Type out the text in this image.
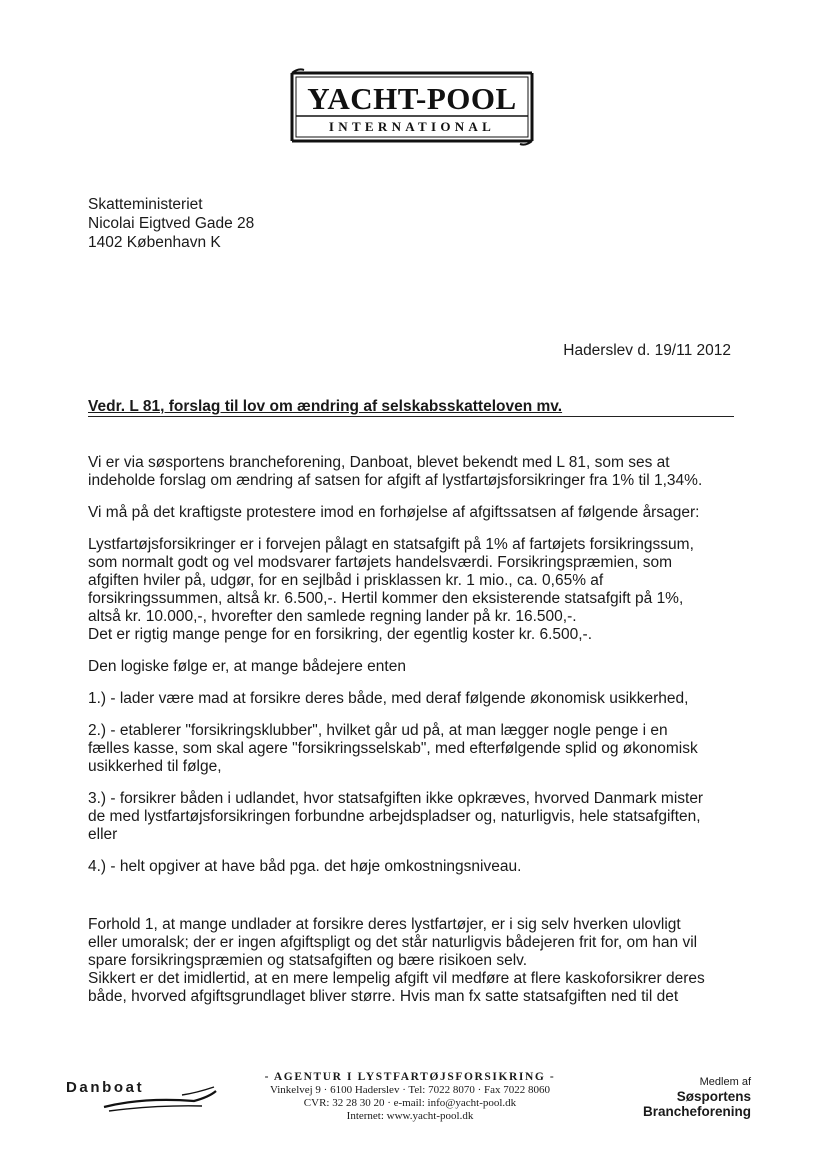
YACHT-POOL
INTERNATIONAL
Skatteministeriet
Nicolai Eigtved Gade 28
1402 København K
Haderslev d. 19/11 2012
Vedr. L 81, forslag til lov om ændring af selskabsskatteloven mv.

Vi er via søsportens brancheforening, Danboat, blevet bekendt med L 81, som ses at
indeholde forslag om ændring af satsen for afgift af lystfartøjsforsikringer fra 1% til 1,34%.

Vi må på det kraftigste protestere imod en forhøjelse af afgiftssatsen af følgende årsager:

Lystfartøjsforsikringer er i forvejen pålagt en statsafgift på 1% af fartøjets forsikringssum,
som normalt godt og vel modsvarer fartøjets handelsværdi. Forsikringspræmien, som
afgiften hviler på, udgør, for en sejlbåd i prisklassen kr. 1 mio., ca. 0,65% af
forsikringssummen, altså kr. 6.500,-. Hertil kommer den eksisterende statsafgift på 1%,
altså kr. 10.000,-, hvorefter den samlede regning lander på kr. 16.500,-.
Det er rigtig mange penge for en forsikring, der egentlig koster kr. 6.500,-.

Den logiske følge er, at mange bådejere enten

1.) - lader være mad at forsikre deres både, med deraf følgende økonomisk usikkerhed,

2.) - etablerer "forsikringsklubber", hvilket går ud på, at man lægger nogle penge i en
fælles kasse, som skal agere "forsikringsselskab", med efterfølgende splid og økonomisk
usikkerhed til følge,

3.) - forsikrer båden i udlandet, hvor statsafgiften ikke opkræves, hvorved Danmark mister
de med lystfartøjsforsikringen forbundne arbejdspladser og, naturligvis, hele statsafgiften,
eller

4.) - helt opgiver at have båd pga. det høje omkostningsniveau.

Forhold 1, at mange undlader at forsikre deres lystfartøjer, er i sig selv hverken ulovligt
eller umoralsk; der er ingen afgiftspligt og det står naturligvis bådejeren frit for, om han vil
spare forsikringspræmien og statsafgiften og bære risikoen selv.
Sikkert er det imidlertid, at en mere lempelig afgift vil medføre at flere kaskoforsikrer deres
både, hvorved afgiftsgrundlaget bliver større. Hvis man fx satte statsafgiften ned til det

Danboat
- AGENTUR I LYSTFARTØJSFORSIKRING -
Vinkelvej 9 · 6100 Haderslev · Tel: 7022 8070 · Fax 7022 8060
CVR: 32 28 30 20 · e-mail: info@yacht-pool.dk
Internet: www.yacht-pool.dk
Medlem af
Søsportens
Brancheforening
